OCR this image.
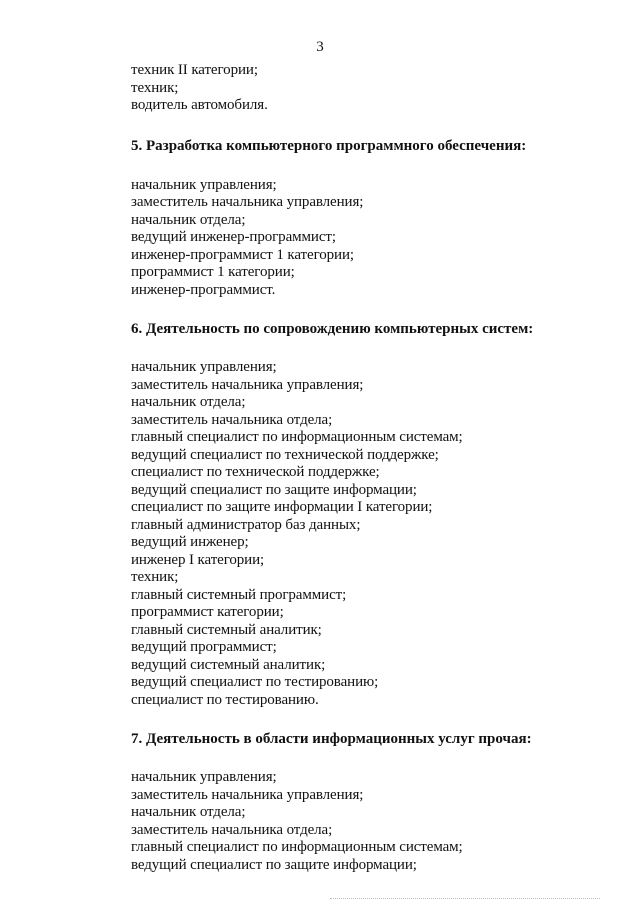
3
техник II категории;
техник;
водитель автомобиля.
5. Разработка компьютерного программного обеспечения:
начальник управления;
заместитель начальника управления;
начальник отдела;
ведущий инженер-программист;
инженер-программист 1 категории;
программист 1 категории;
инженер-программист.
6. Деятельность по сопровождению компьютерных систем:
начальник управления;
заместитель начальника управления;
начальник отдела;
заместитель начальника отдела;
главный специалист по информационным системам;
ведущий специалист по технической поддержке;
специалист по технической поддержке;
ведущий специалист по защите информации;
специалист по защите информации I категории;
главный администратор баз данных;
ведущий инженер;
инженер I категории;
техник;
главный системный программист;
программист категории;
главный системный аналитик;
ведущий программист;
ведущий системный аналитик;
ведущий специалист по тестированию;
специалист по тестированию.
7. Деятельность в области информационных услуг прочая:
начальник управления;
заместитель начальника управления;
начальник отдела;
заместитель начальника отдела;
главный специалист по информационным системам;
ведущий специалист по защите информации;
